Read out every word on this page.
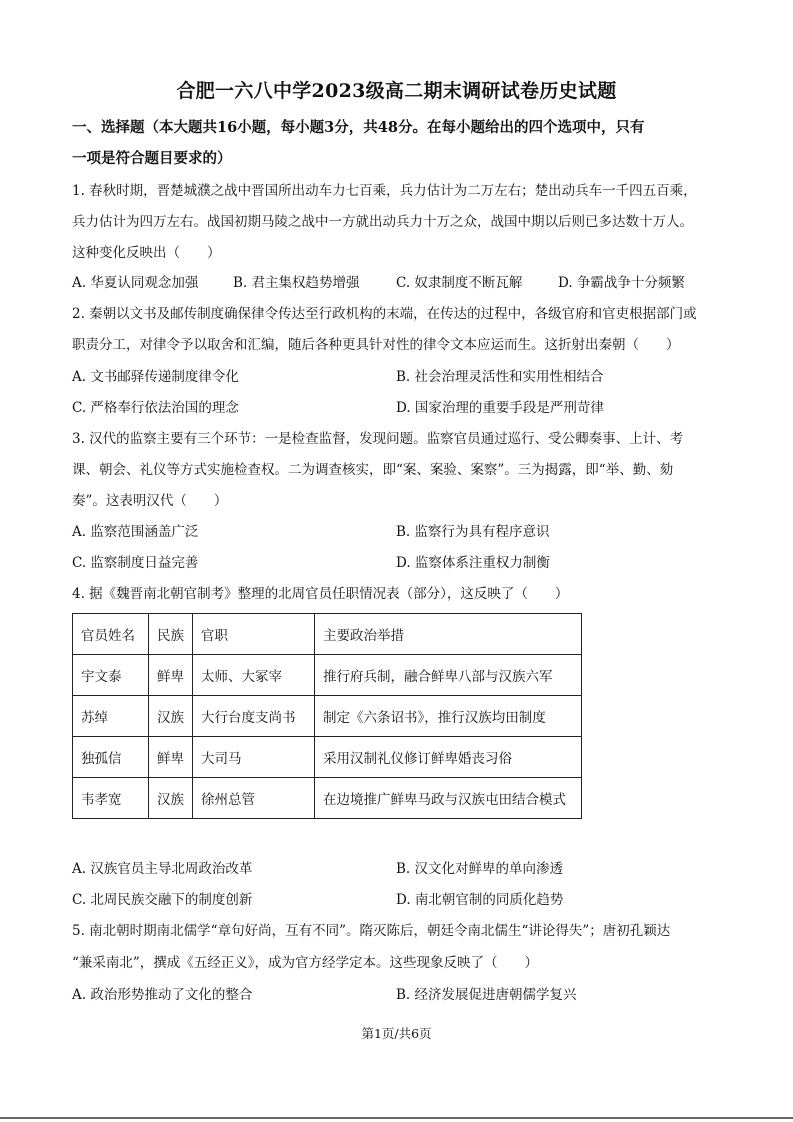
合肥一六八中学2023级高二期末调研试卷历史试题
一、选择题（本大题共16小题，每小题3分，共48分。在每小题给出的四个选项中，只有
一项是符合题目要求的）
1. 春秋时期，晋楚城濮之战中晋国所出动车力七百乘，兵力估计为二万左右；楚出动兵车一千四五百乘，
兵力估计为四万左右。战国初期马陵之战中一方就出动兵力十万之众，战国中期以后则已多达数十万人。
这种变化反映出（　　）
A. 华夏认同观念加强	B. 君主集权趋势增强	C. 奴隶制度不断瓦解	D. 争霸战争十分频繁
2. 秦朝以文书及邮传制度确保律令传达至行政机构的末端，在传达的过程中，各级官府和官吏根据部门或
职责分工，对律令予以取舍和汇编，随后各种更具针对性的律令文本应运而生。这折射出秦朝（　　）
A. 文书邮驿传递制度律令化	B. 社会治理灵活性和实用性相结合
C. 严格奉行依法治国的理念	D. 国家治理的重要手段是严刑苛律
3. 汉代的监察主要有三个环节：一是检查监督，发现问题。监察官员通过巡行、受公卿奏事、上计、考
课、朝会、礼仪等方式实施检查权。二为调查核实，即“案、案验、案察”。三为揭露，即“举、勤、劾
奏”。这表明汉代（　　）
A. 监察范围涵盖广泛	B. 监察行为具有程序意识
C. 监察制度日益完善	D. 监察体系注重权力制衡
4. 据《魏晋南北朝官制考》整理的北周官员任职情况表（部分），这反映了（　　）
官员姓名	民族	官职	主要政治举措
宇文泰	鲜卑	太师、大冢宰	推行府兵制，融合鲜卑八部与汉族六军
苏绰	汉族	大行台度支尚书	制定《六条诏书》，推行汉族均田制度
独孤信	鲜卑	大司马	采用汉制礼仪修订鲜卑婚丧习俗
韦孝宽	汉族	徐州总管	在边境推广鲜卑马政与汉族屯田结合模式
A. 汉族官员主导北周政治改革	B. 汉文化对鲜卑的单向渗透
C. 北周民族交融下的制度创新	D. 南北朝官制的同质化趋势
5. 南北朝时期南北儒学“章句好尚，互有不同”。隋灭陈后，朝廷令南北儒生“讲论得失”；唐初孔颖达
“兼采南北”，撰成《五经正义》，成为官方经学定本。这些现象反映了（　　）
A. 政治形势推动了文化的整合	B. 经济发展促进唐朝儒学复兴
第1页/共6页
